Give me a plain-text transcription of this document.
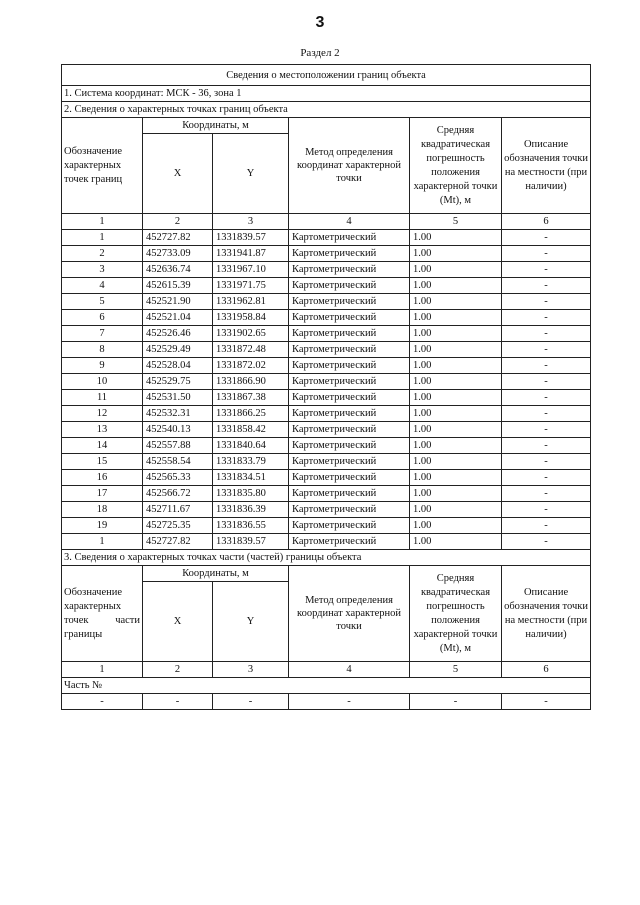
3
Раздел 2
Сведения о местоположении границ объекта					
1. Система координат: МСК - 36, зона 1					
2. Сведения о характерных точках границ объекта					
Обозначение характерных точек границ	Координаты, м		Метод определения координат характерной точки	Средняя квадратическая погрешность положения характерной точки (Mt), м	Описание обозначения точки на местности (при наличии)
	X	Y			
1	2	3	4	5	6
1	452727.82	1331839.57	Картометрический	1.00	-
2	452733.09	1331941.87	Картометрический	1.00	-
3	452636.74	1331967.10	Картометрический	1.00	-
4	452615.39	1331971.75	Картометрический	1.00	-
5	452521.90	1331962.81	Картометрический	1.00	-
6	452521.04	1331958.84	Картометрический	1.00	-
7	452526.46	1331902.65	Картометрический	1.00	-
8	452529.49	1331872.48	Картометрический	1.00	-
9	452528.04	1331872.02	Картометрический	1.00	-
10	452529.75	1331866.90	Картометрический	1.00	-
11	452531.50	1331867.38	Картометрический	1.00	-
12	452532.31	1331866.25	Картометрический	1.00	-
13	452540.13	1331858.42	Картометрический	1.00	-
14	452557.88	1331840.64	Картометрический	1.00	-
15	452558.54	1331833.79	Картометрический	1.00	-
16	452565.33	1331834.51	Картометрический	1.00	-
17	452566.72	1331835.80	Картометрический	1.00	-
18	452711.67	1331836.39	Картометрический	1.00	-
19	452725.35	1331836.55	Картометрический	1.00	-
1	452727.82	1331839.57	Картометрический	1.00	-
3. Сведения о характерных точках части (частей) границы объекта					
Обозначение характерных точек части границы	Координаты, м		Метод определения координат характерной точки	Средняя квадратическая погрешность положения характерной точки (Mt), м	Описание обозначения точки на местности (при наличии)
	X	Y			
1	2	3	4	5	6
Часть №					
-	-	-	-	-	-
